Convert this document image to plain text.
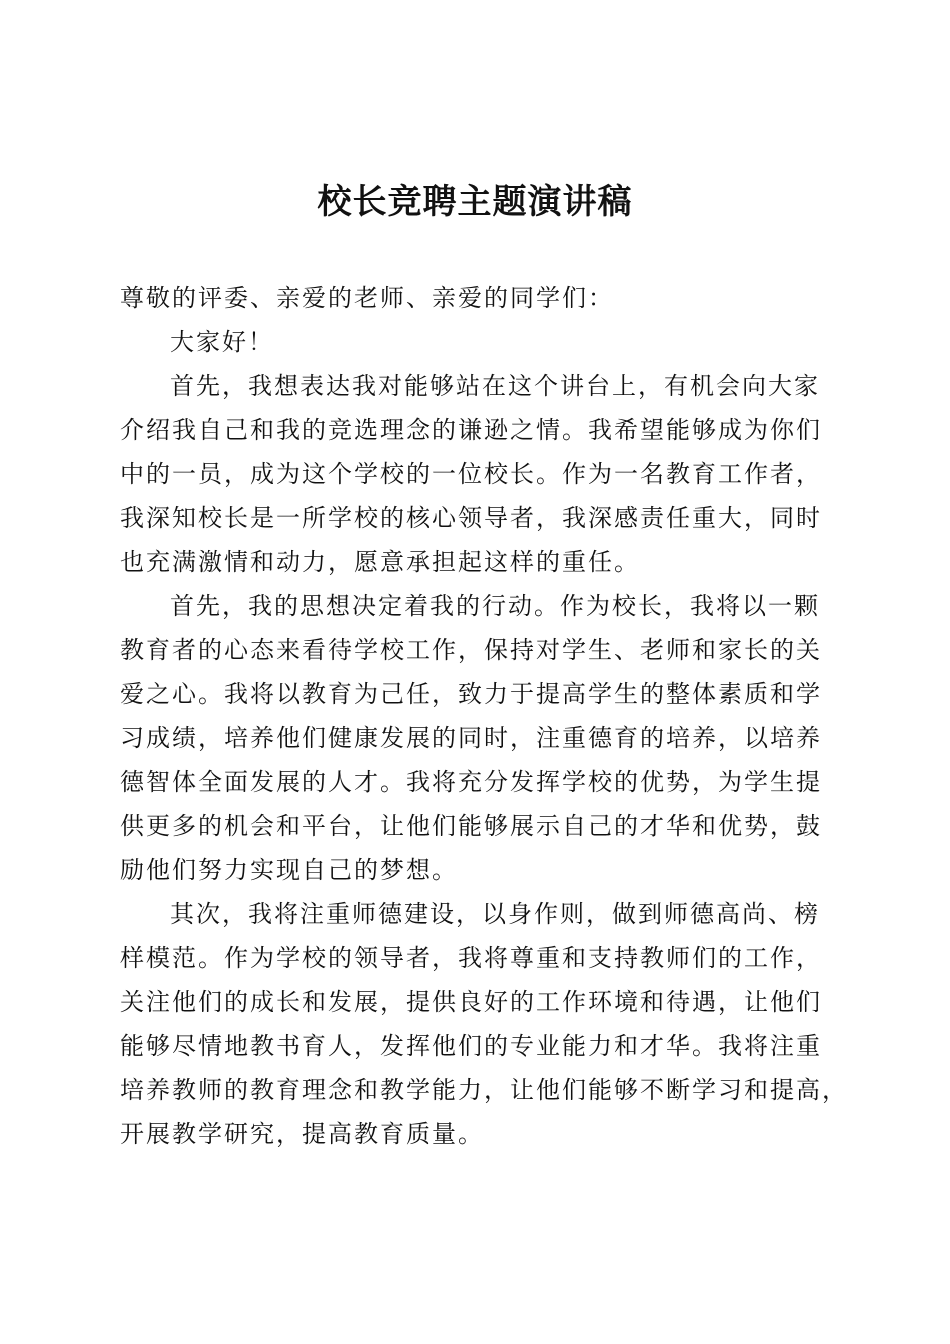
校长竞聘主题演讲稿
尊敬的评委、亲爱的老师、亲爱的同学们：
大家好！
首先，我想表达我对能够站在这个讲台上，有机会向大家
介绍我自己和我的竞选理念的谦逊之情。我希望能够成为你们
中的一员，成为这个学校的一位校长。作为一名教育工作者，
我深知校长是一所学校的核心领导者，我深感责任重大，同时
也充满激情和动力，愿意承担起这样的重任。
首先，我的思想决定着我的行动。作为校长，我将以一颗
教育者的心态来看待学校工作，保持对学生、老师和家长的关
爱之心。我将以教育为己任，致力于提高学生的整体素质和学
习成绩，培养他们健康发展的同时，注重德育的培养，以培养
德智体全面发展的人才。我将充分发挥学校的优势，为学生提
供更多的机会和平台，让他们能够展示自己的才华和优势，鼓
励他们努力实现自己的梦想。
其次，我将注重师德建设，以身作则，做到师德高尚、榜
样模范。作为学校的领导者，我将尊重和支持教师们的工作，
关注他们的成长和发展，提供良好的工作环境和待遇，让他们
能够尽情地教书育人，发挥他们的专业能力和才华。我将注重
培养教师的教育理念和教学能力，让他们能够不断学习和提高，
开展教学研究，提高教育质量。
